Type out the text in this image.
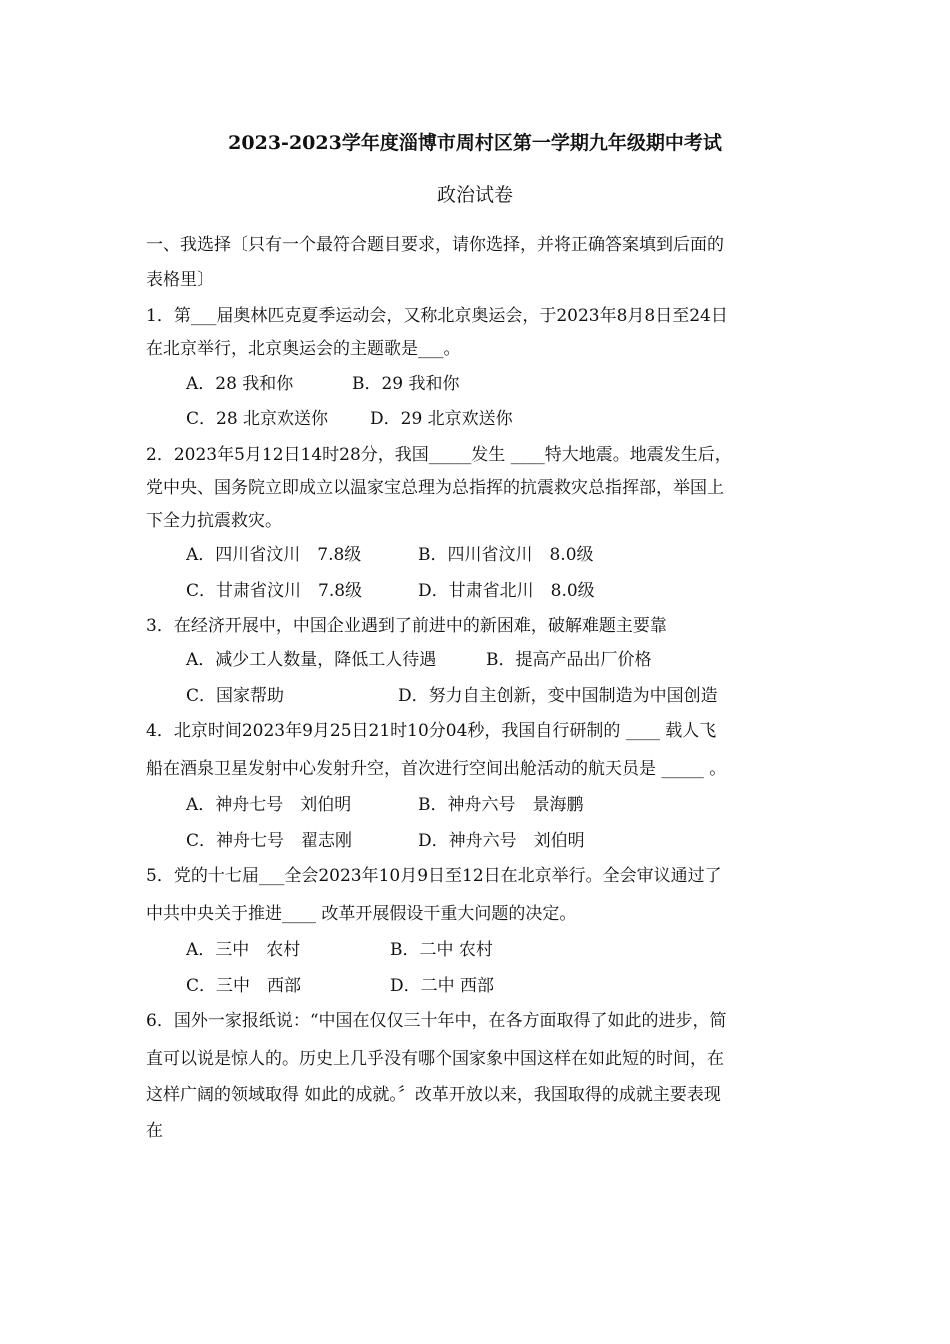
2023-2023学年度淄博市周村区第一学期九年级期中考试
政治试卷
一、我选择〔只有一个最符合题目要求，请你选择，并将正确答案填到后面的
表格里〕
1．第___届奥林匹克夏季运动会，又称北京奥运会，于2023年8月8日至24日
在北京举行，北京奥运会的主题歌是___。
A．28 我和你	B．29 我和你
C．28 北京欢送你 D．29 北京欢送你
2．2023年5月12日14时28分，我国_____发生 ____特大地震。地震发生后，
党中央、国务院立即成立以温家宝总理为总指挥的抗震救灾总指挥部，举国上
下全力抗震救灾。
A．四川省汶川　7.8级	B．四川省汶川　8.0级
C．甘肃省汶川　7.8级	D．甘肃省北川　8.0级
3．在经济开展中，中国企业遇到了前进中的新困难，破解难题主要靠
A．减少工人数量，降低工人待遇	B．提高产品出厂价格
C．国家帮助	D．努力自主创新，变中国制造为中国创造
4．北京时间2023年9月25日21时10分04秒，我国自行研制的 ____ 载人飞
船在酒泉卫星发射中心发射升空，首次进行空间出舱活动的航天员是 _____ 。
A．神舟七号　刘伯明	B．神舟六号　景海鹏
C．神舟七号　翟志刚	D．神舟六号　刘伯明
5．党的十七届___全会2023年10月9日至12日在北京举行。全会审议通过了
中共中央关于推进____ 改革开展假设干重大问题的决定。
A．三中　农村	B．二中 农村
C．三中　西部	D．二中 西部
6．国外一家报纸说：“中国在仅仅三十年中，在各方面取得了如此的进步，简
直可以说是惊人的。历史上几乎没有哪个国家象中国这样在如此短的时间，在
这样广阔的领域取得 如此的成就。〞改革开放以来，我国取得的成就主要表现
在
